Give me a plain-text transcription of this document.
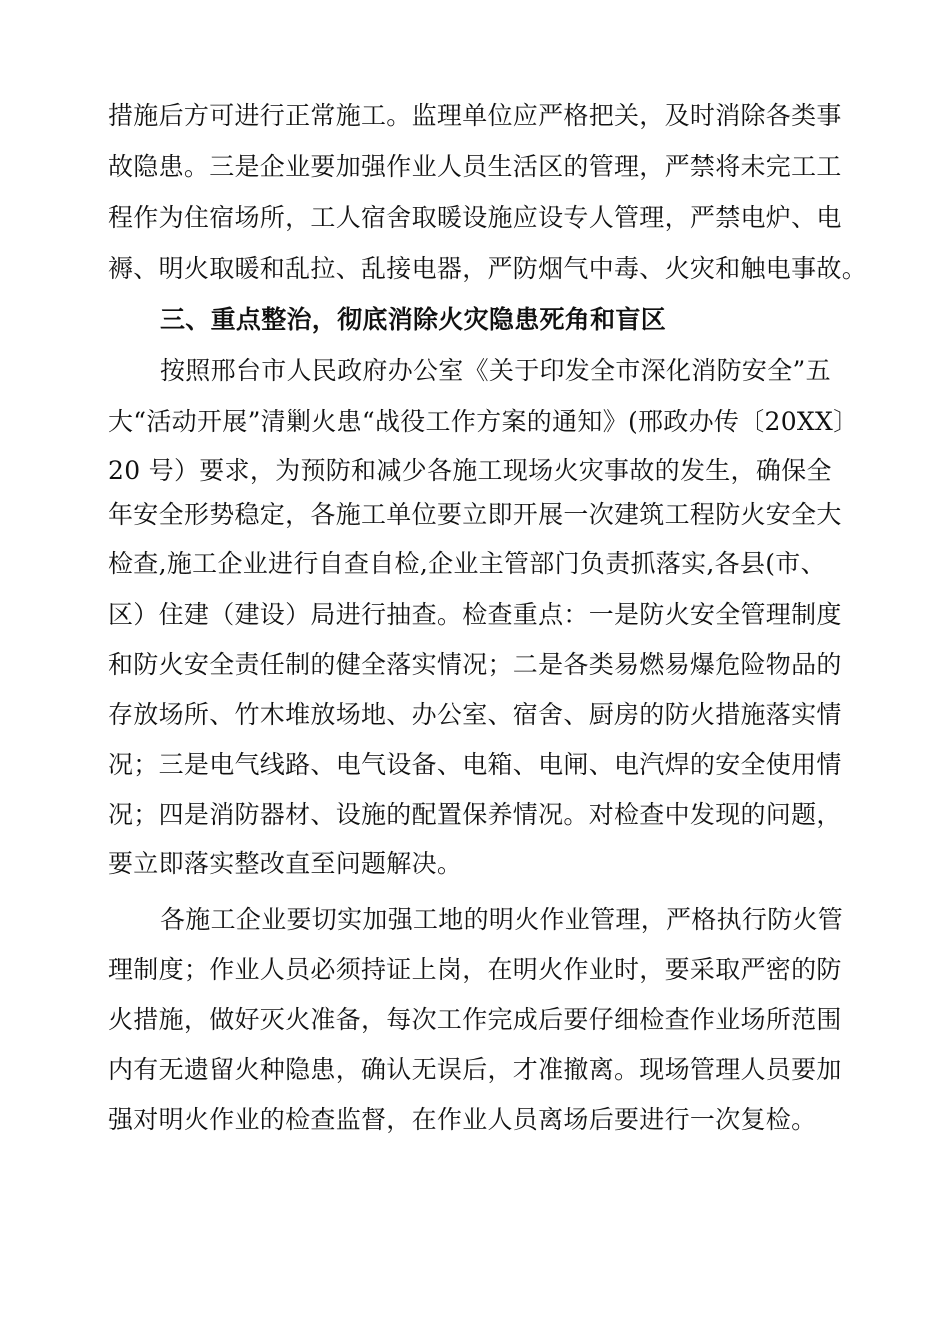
措施后方可进行正常施工。监理单位应严格把关，及时消除各类事
故隐患。三是企业要加强作业人员生活区的管理，严禁将未完工工
程作为住宿场所，工人宿舍取暖设施应设专人管理，严禁电炉、电
褥、明火取暖和乱拉、乱接电器，严防烟气中毒、火灾和触电事故。
三、重点整治，彻底消除火灾隐患死角和盲区
按照邢台市人民政府办公室《关于印发全市深化消防安全”五
大“活动开展”清剿火患“战役工作方案的通知》(邢政办传〔20XX〕
20 号）要求，为预防和减少各施工现场火灾事故的发生，确保全
年安全形势稳定，各施工单位要立即开展一次建筑工程防火安全大
检查,施工企业进行自查自检,企业主管部门负责抓落实,各县(市、
区）住建（建设）局进行抽查。检查重点：一是防火安全管理制度
和防火安全责任制的健全落实情况；二是各类易燃易爆危险物品的
存放场所、竹木堆放场地、办公室、宿舍、厨房的防火措施落实情
况；三是电气线路、电气设备、电箱、电闸、电汽焊的安全使用情
况；四是消防器材、设施的配置保养情况。对检查中发现的问题，
要立即落实整改直至问题解决。
各施工企业要切实加强工地的明火作业管理，严格执行防火管
理制度；作业人员必须持证上岗，在明火作业时，要采取严密的防
火措施，做好灭火准备，每次工作完成后要仔细检查作业场所范围
内有无遗留火种隐患，确认无误后，才准撤离。现场管理人员要加
强对明火作业的检查监督，在作业人员离场后要进行一次复检。
